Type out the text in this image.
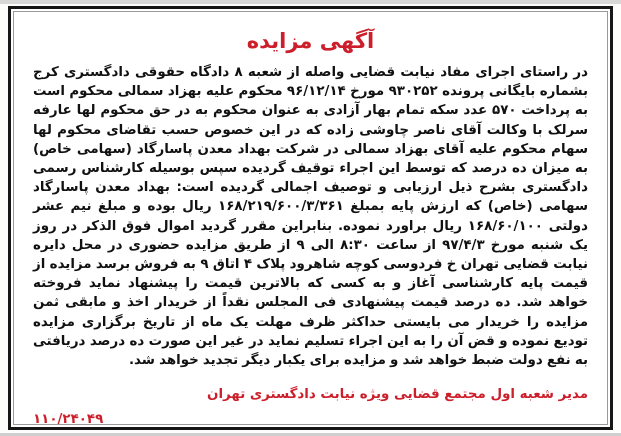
آگهی مزایده

در راستای اجرای مفاد نیابت قضایی واصله از شعبه ۸ دادگاه حقوقی دادگستری کرج بشماره بایگانی پرونده ۹۳۰۲۵۲ مورخ ۹۶/۱۲/۱۴ محکوم علیه بهزاد سمالی محکوم است به پرداخت ۵۷۰ عدد سکه تمام بهار آزادی به عنوان محکوم به در حق محکوم لها عارفه سرلک با وکالت آقای ناصر چاوشی زاده که در این خصوص حسب تقاضای محکوم لها سهام محکوم علیه آقای بهزاد سمالی در شرکت بهداد معدن پاسارگاد (سهامی خاص) به میزان ده درصد که توسط این اجراء توقیف گردیده سپس بوسیله کارشناس رسمی دادگستری بشرح ذیل ارزیابی و توصیف اجمالی گردیده است: بهداد معدن پاسارگاد سهامی (خاص) که ارزش پایه بمبلغ ۱۶۸/۲۱۹/۶۰۰/۳/۳۶۱ ریال بوده و مبلغ نیم عشر دولتی ۱۶۸/۶۰/۱۰۰ ریال براورد نموده. بنابراین مقرر گردید اموال فوق الذکر در روز یک شنبه مورخ ۹۷/۴/۳ از ساعت ۸:۳۰ الی ۹ از طریق مزایده حضوری در محل دایره نیابت قضایی تهران خ فردوسی کوچه شاهرود پلاک ۴ اتاق ۹ به فروش برسد مزایده از قیمت پایه کارشناسی آغاز و به کسی که بالاترین قیمت را پیشنهاد نماید فروخته خواهد شد. ده درصد قیمت پیشنهادی فی المجلس نقداً از خریدار اخذ و مابقی ثمن مزایده را خریدار می بایستی حداکثر ظرف مهلت یک ماه از تاریخ برگزاری مزایده تودیع نموده و قض آن را به این اجراء تسلیم نماید در غیر این صورت ده درصد دریافتی به نفع دولت ضبط خواهد شد و مزایده برای یکبار دیگر تجدید خواهد شد.

مدیر شعبه اول مجتمع قضایی ویژه نیابت دادگستری تهران
۱۱۰/۲۴۰۴۹
